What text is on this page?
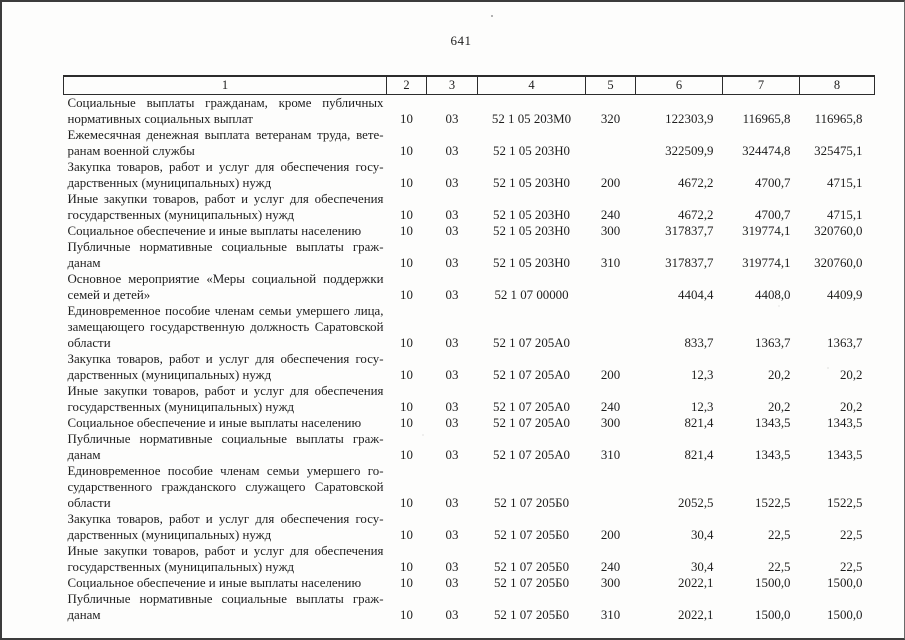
641
1	2	3	4	5	6	7	8
Социальные выплаты гражданам, кроме публичных нормативных социальных выплат	10	03	52 1 05 203М0	320	122303,9	116965,8	116965,8
Ежемесячная денежная выплата ветеранам труда, ветеранам военной службы	10	03	52 1 05 203Н0		322509,9	324474,8	325475,1
Закупка товаров, работ и услуг для обеспечения государственных (муниципальных) нужд	10	03	52 1 05 203Н0	200	4672,2	4700,7	4715,1
Иные закупки товаров, работ и услуг для обеспечения государственных (муниципальных) нужд	10	03	52 1 05 203Н0	240	4672,2	4700,7	4715,1
Социальное обеспечение и иные выплаты населению	10	03	52 1 05 203Н0	300	317837,7	319774,1	320760,0
Публичные нормативные социальные выплаты гражданам	10	03	52 1 05 203Н0	310	317837,7	319774,1	320760,0
Основное мероприятие «Меры социальной поддержки семей и детей»	10	03	52 1 07 00000		4404,4	4408,0	4409,9
Единовременное пособие членам семьи умершего лица, замещающего государственную должность Саратовской области	10	03	52 1 07 205А0		833,7	1363,7	1363,7
Закупка товаров, работ и услуг для обеспечения государственных (муниципальных) нужд	10	03	52 1 07 205А0	200	12,3	20,2	20,2
Иные закупки товаров, работ и услуг для обеспечения государственных (муниципальных) нужд	10	03	52 1 07 205А0	240	12,3	20,2	20,2
Социальное обеспечение и иные выплаты населению	10	03	52 1 07 205А0	300	821,4	1343,5	1343,5
Публичные нормативные социальные выплаты гражданам	10	03	52 1 07 205А0	310	821,4	1343,5	1343,5
Единовременное пособие членам семьи умершего государственного гражданского служащего Саратовской области	10	03	52 1 07 205Б0		2052,5	1522,5	1522,5
Закупка товаров, работ и услуг для обеспечения государственных (муниципальных) нужд	10	03	52 1 07 205Б0	200	30,4	22,5	22,5
Иные закупки товаров, работ и услуг для обеспечения государственных (муниципальных) нужд	10	03	52 1 07 205Б0	240	30,4	22,5	22,5
Социальное обеспечение и иные выплаты населению	10	03	52 1 07 205Б0	300	2022,1	1500,0	1500,0
Публичные нормативные социальные выплаты гражданам	10	03	52 1 07 205Б0	310	2022,1	1500,0	1500,0
